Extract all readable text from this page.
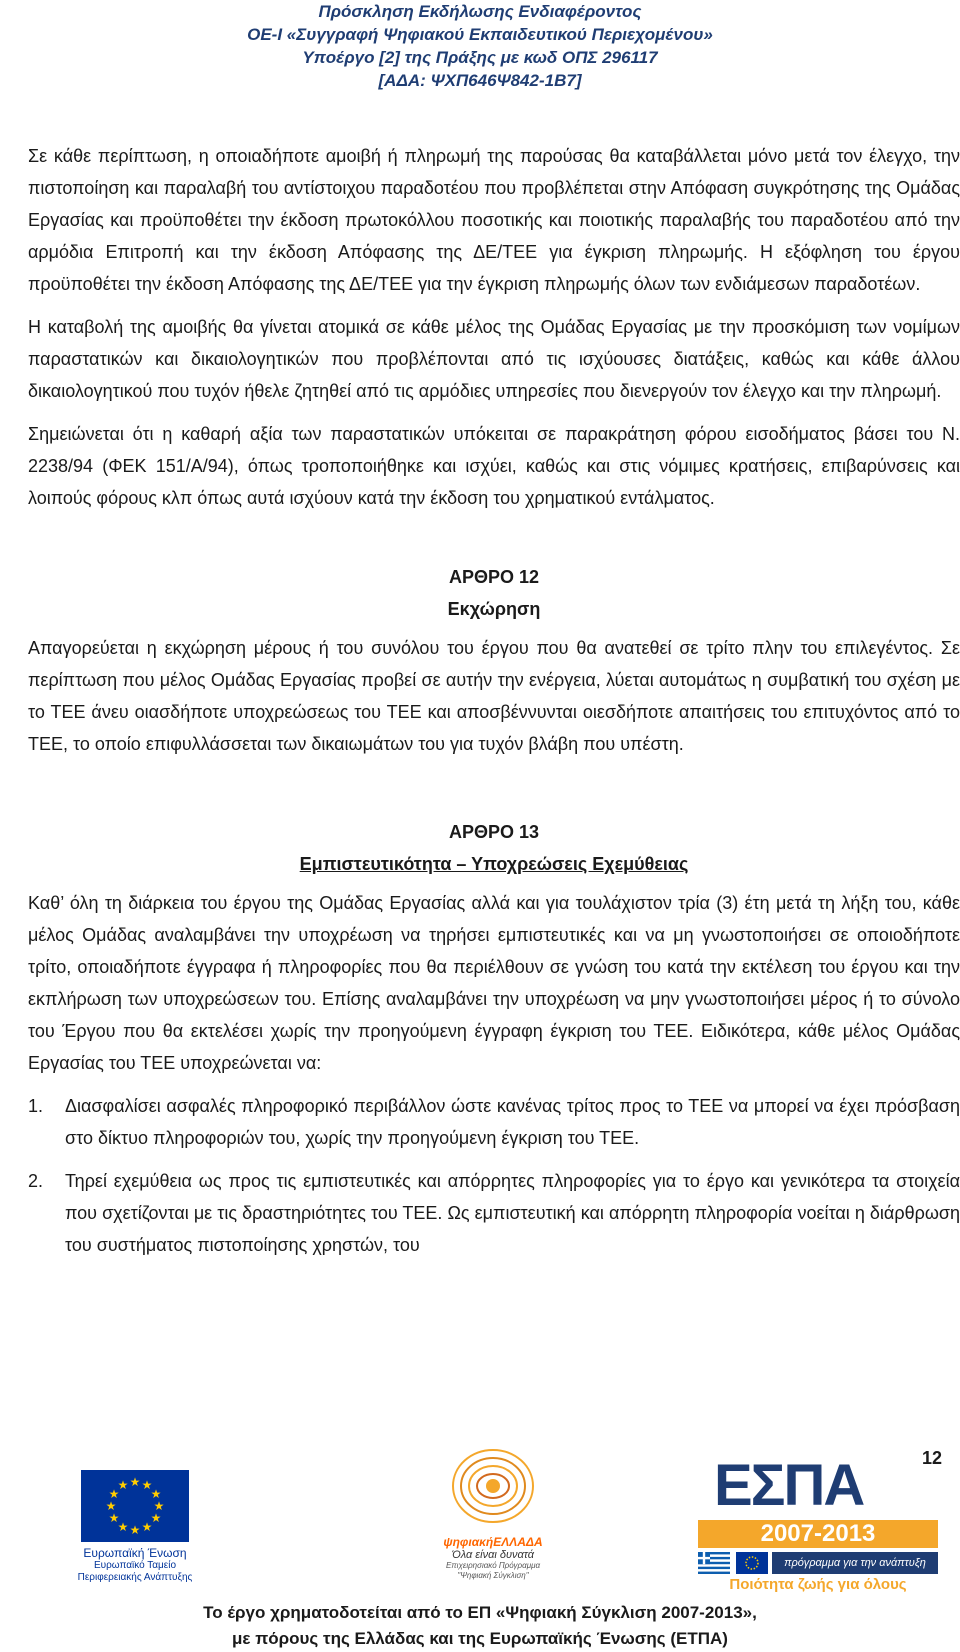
Πρόσκληση Εκδήλωσης Ενδιαφέροντος
ΟΕ-Ι «Συγγραφή Ψηφιακού Εκπαιδευτικού Περιεχομένου»
Υποέργο [2] της Πράξης με κωδ ΟΠΣ 296117
[ΑΔΑ: ΨΧΠ646Ψ842-1Β7]

Σε κάθε περίπτωση, η οποιαδήποτε αμοιβή ή πληρωμή της παρούσας θα καταβάλλεται μόνο μετά τον έλεγχο, την πιστοποίηση και παραλαβή του αντίστοιχου παραδοτέου που προβλέπεται στην Απόφαση συγκρότησης της Ομάδας Εργασίας και προϋποθέτει την έκδοση πρωτοκόλλου ποσοτικής και ποιοτικής παραλαβής του παραδοτέου από την αρμόδια Επιτροπή και την έκδοση Απόφασης της ΔΕ/ΤΕΕ για έγκριση πληρωμής. Η εξόφληση του έργου προϋποθέτει την έκδοση Απόφασης της ΔΕ/ΤΕΕ για την έγκριση πληρωμής όλων των ενδιάμεσων παραδοτέων.

Η καταβολή της αμοιβής θα γίνεται ατομικά σε κάθε μέλος της Ομάδας Εργασίας με την προσκόμιση των νομίμων παραστατικών και δικαιολογητικών που προβλέπονται από τις ισχύουσες διατάξεις, καθώς και κάθε άλλου δικαιολογητικού που τυχόν ήθελε ζητηθεί από τις αρμόδιες υπηρεσίες που διενεργούν τον έλεγχο και την πληρωμή.

Σημειώνεται ότι η καθαρή αξία των παραστατικών υπόκειται σε παρακράτηση φόρου εισοδήματος βάσει του Ν. 2238/94 (ΦΕΚ 151/Α/94), όπως τροποποιήθηκε και ισχύει, καθώς και στις νόμιμες κρατήσεις, επιβαρύνσεις και λοιπούς φόρους κλπ όπως αυτά ισχύουν κατά την έκδοση του χρηματικού εντάλματος.

ΑΡΘΡΟ 12
Εκχώρηση

Απαγορεύεται η εκχώρηση μέρους ή του συνόλου του έργου που θα ανατεθεί σε τρίτο πλην του επιλεγέντος. Σε περίπτωση που μέλος Ομάδας Εργασίας προβεί σε αυτήν την ενέργεια, λύεται αυτομάτως η συμβατική του σχέση με το ΤΕΕ άνευ οιασδήποτε υποχρεώσεως του ΤΕΕ και αποσβέννυνται οιεσδήποτε απαιτήσεις του επιτυχόντος από το ΤΕΕ, το οποίο επιφυλλάσσεται των δικαιωμάτων του για τυχόν βλάβη που υπέστη.

ΑΡΘΡΟ 13
Εμπιστευτικότητα – Υποχρεώσεις Εχεμύθειας

Καθ’ όλη τη διάρκεια του έργου της Ομάδας Εργασίας αλλά και για τουλάχιστον τρία (3) έτη μετά τη λήξη του, κάθε μέλος Ομάδας αναλαμβάνει την υποχρέωση να τηρήσει εμπιστευτικές και να μη γνωστοποιήσει σε οποιοδήποτε τρίτο, οποιαδήποτε έγγραφα ή πληροφορίες που θα περιέλθουν σε γνώση του κατά την εκτέλεση του έργου και την εκπλήρωση των υποχρεώσεων του. Επίσης αναλαμβάνει την υποχρέωση να μην γνωστοποιήσει μέρος ή το σύνολο του Έργου που θα εκτελέσει χωρίς την προηγούμενη έγγραφη έγκριση του ΤΕΕ. Ειδικότερα, κάθε μέλος Ομάδας Εργασίας του ΤΕΕ υποχρεώνεται να:

1.	Διασφαλίσει ασφαλές πληροφορικό περιβάλλον ώστε κανένας τρίτος προς το ΤΕΕ να μπορεί να έχει πρόσβαση στο δίκτυο πληροφοριών του, χωρίς την προηγούμενη έγκριση του ΤΕΕ.
2.	Τηρεί εχεμύθεια ως προς τις εμπιστευτικές και απόρρητες πληροφορίες για το έργο και γενικότερα τα στοιχεία που σχετίζονται με τις δραστηριότητες του ΤΕΕ. Ως εμπιστευτική και απόρρητη πληροφορία νοείται η διάρθρωση του συστήματος πιστοποίησης χρηστών, του
12
★ ★
★
★
★
★
★
★
★
★
★
★
Ευρωπαϊκή Ένωση
Ευρωπαϊκό Ταμείο
Περιφερειακής Ανάπτυξης
ψηφιακήΕΛΛΑΔΑ
Όλα είναι δυνατά
Επιχειρησιακό Πρόγραμμα
"Ψηφιακή Σύγκλιση"
ΕΣΠΑ
2007-2013
πρόγραμμα για την ανάπτυξη
Ποιότητα ζωής για όλους
Το έργο χρηματοδοτείται από το ΕΠ «Ψηφιακή Σύγκλιση 2007-2013»,
με πόρους της Ελλάδας και της Ευρωπαϊκής Ένωσης (ΕΤΠΑ)
